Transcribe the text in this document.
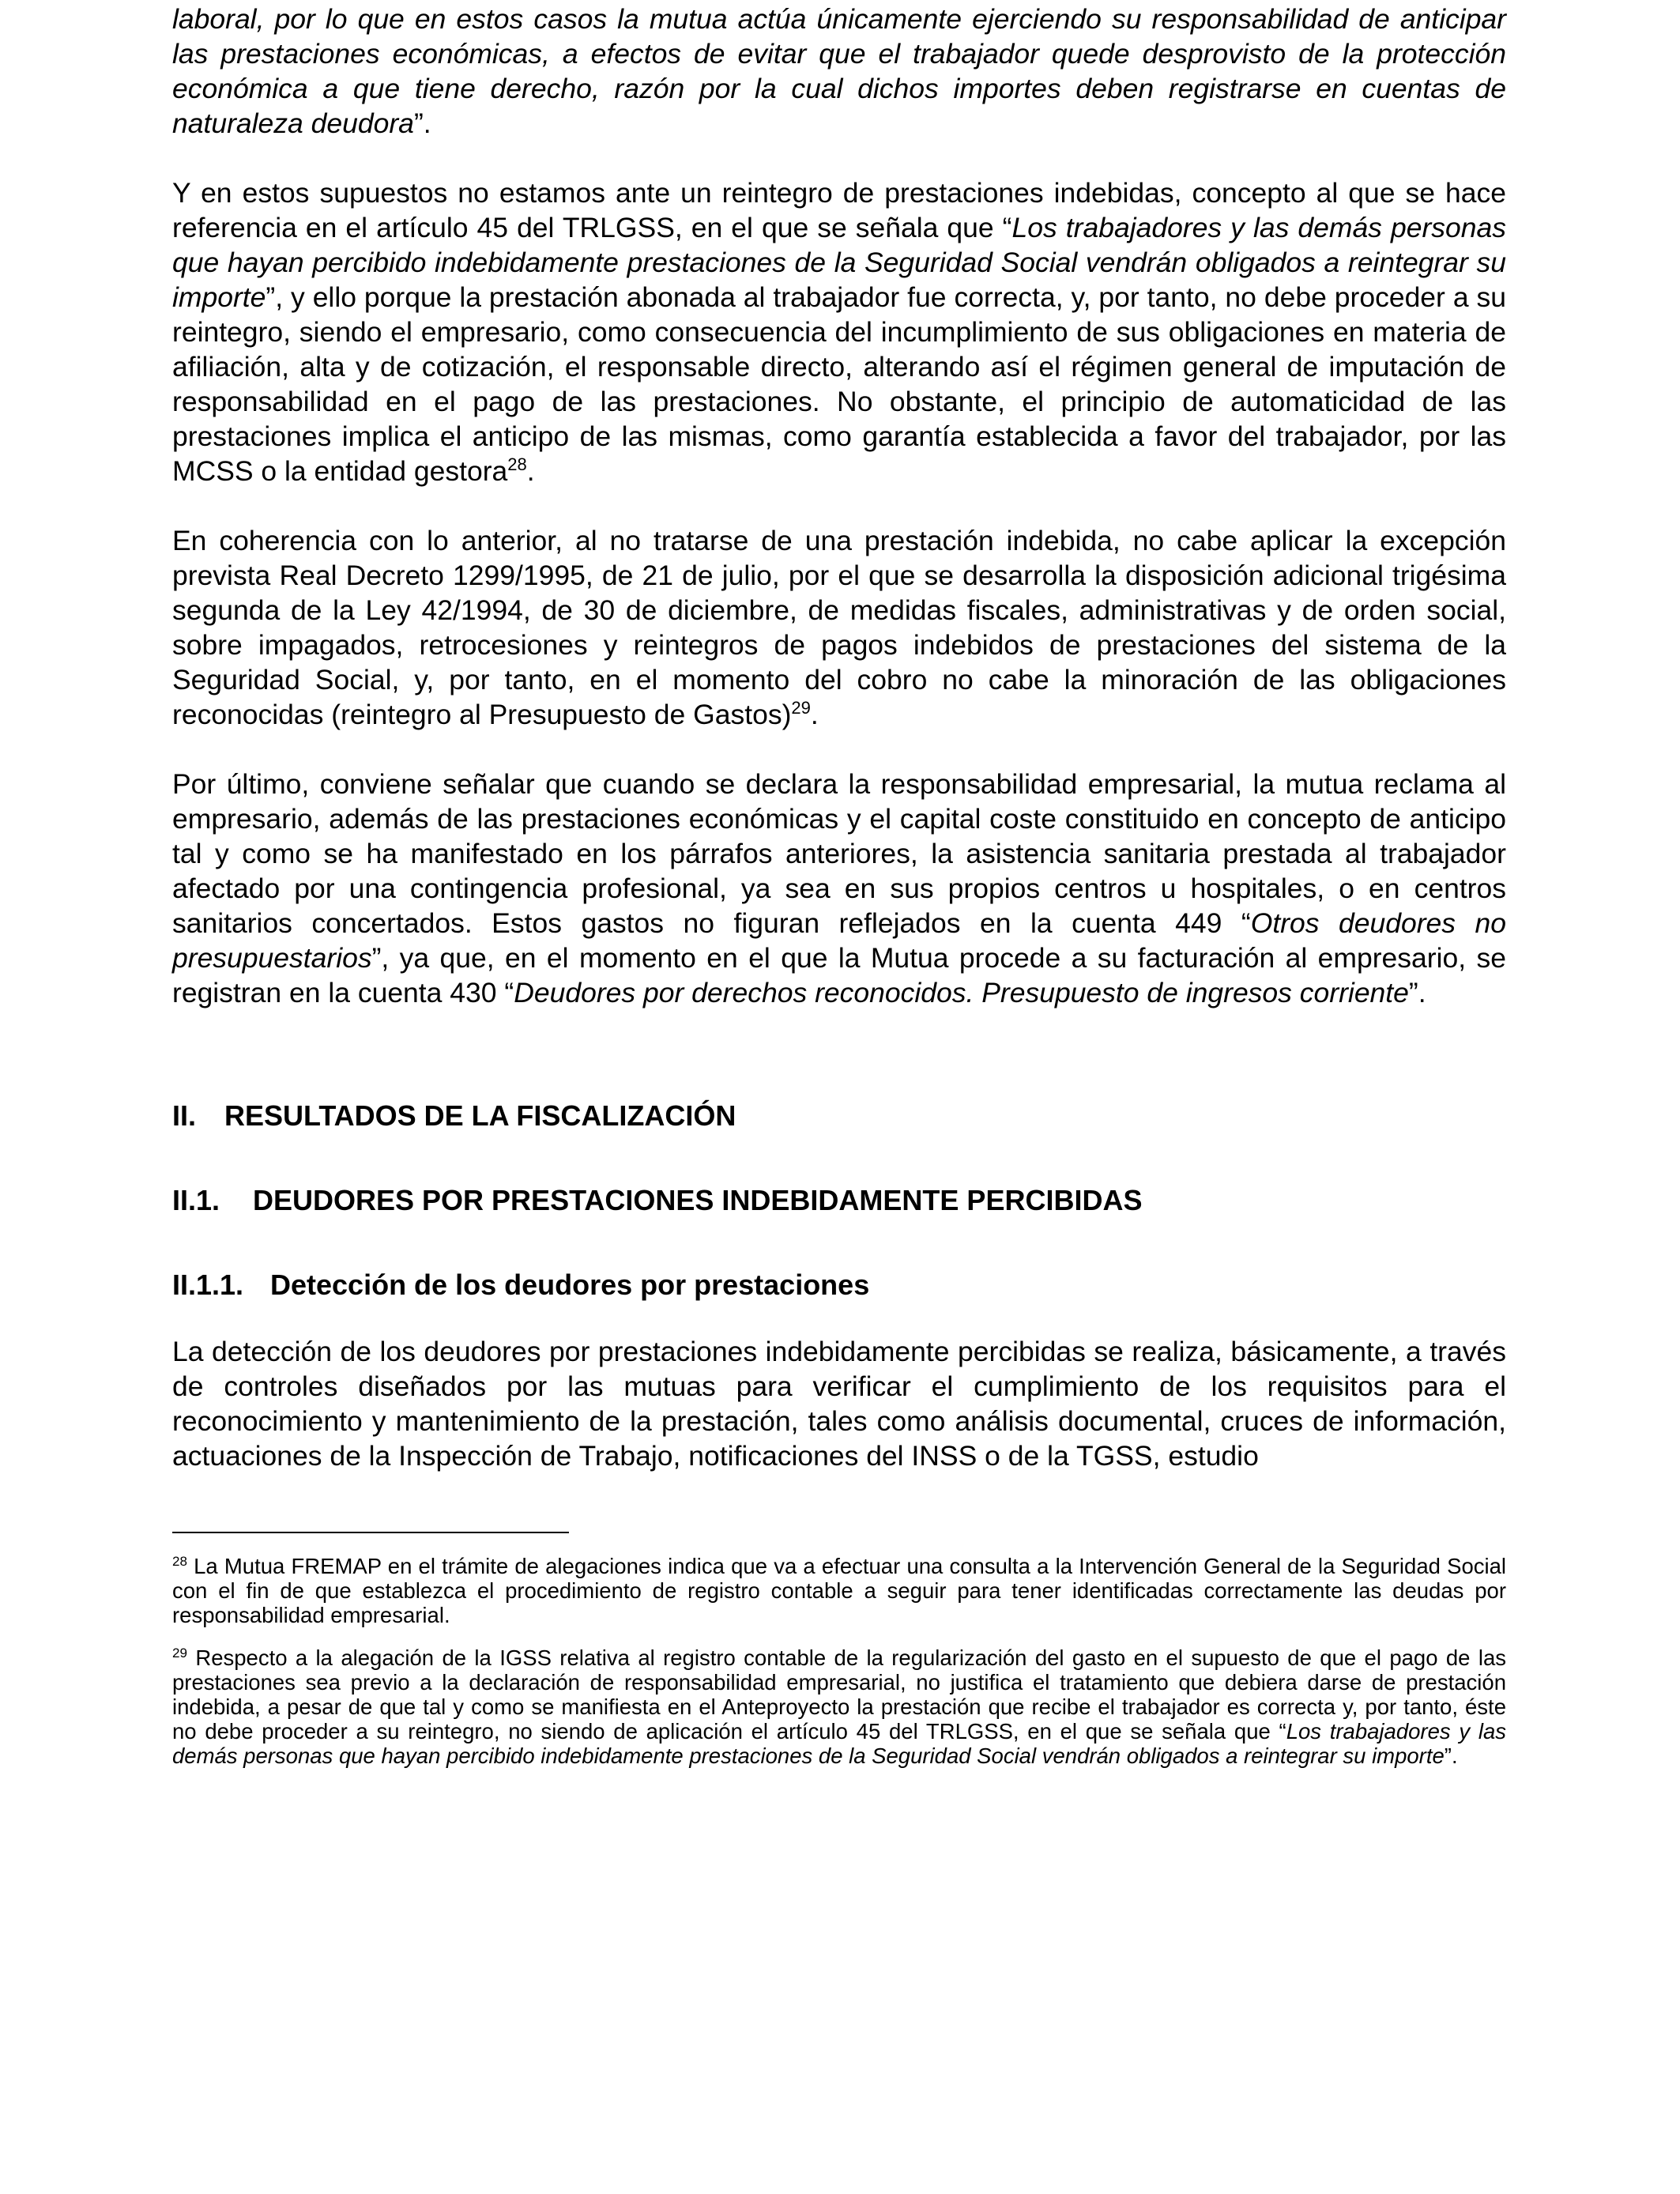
laboral, por lo que en estos casos la mutua actúa únicamente ejerciendo su responsabilidad de anticipar las prestaciones económicas, a efectos de evitar que el trabajador quede desprovisto de la protección económica a que tiene derecho, razón por la cual dichos importes deben registrarse en cuentas de naturaleza deudora”.

Y en estos supuestos no estamos ante un reintegro de prestaciones indebidas, concepto al que se hace referencia en el artículo 45 del TRLGSS, en el que se señala que “Los trabajadores y las demás personas que hayan percibido indebidamente prestaciones de la Seguridad Social vendrán obligados a reintegrar su importe”, y ello porque la prestación abonada al trabajador fue correcta, y, por tanto, no debe proceder a su reintegro, siendo el empresario, como consecuencia del incumplimiento de sus obligaciones en materia de afiliación, alta y de cotización, el responsable directo, alterando así el régimen general de imputación de responsabilidad en el pago de las prestaciones. No obstante, el principio de automaticidad de las prestaciones implica el anticipo de las mismas, como garantía establecida a favor del trabajador, por las MCSS o la entidad gestora$^{28}$.

En coherencia con lo anterior, al no tratarse de una prestación indebida, no cabe aplicar la excepción prevista Real Decreto 1299/1995, de 21 de julio, por el que se desarrolla la disposición adicional trigésima segunda de la Ley 42/1994, de 30 de diciembre, de medidas fiscales, administrativas y de orden social, sobre impagados, retrocesiones y reintegros de pagos indebidos de prestaciones del sistema de la Seguridad Social, y, por tanto, en el momento del cobro no cabe la minoración de las obligaciones reconocidas (reintegro al Presupuesto de Gastos)$^{29}$.

Por último, conviene señalar que cuando se declara la responsabilidad empresarial, la mutua reclama al empresario, además de las prestaciones económicas y el capital coste constituido en concepto de anticipo tal y como se ha manifestado en los párrafos anteriores, la asistencia sanitaria prestada al trabajador afectado por una contingencia profesional, ya sea en sus propios centros u hospitales, o en centros sanitarios concertados. Estos gastos no figuran reflejados en la cuenta 449 “Otros deudores no presupuestarios”, ya que, en el momento en el que la Mutua procede a su facturación al empresario, se registran en la cuenta 430 “Deudores por derechos reconocidos. Presupuesto de ingresos corriente”.

II. RESULTADOS DE LA FISCALIZACIÓN
II.1.	DEUDORES POR PRESTACIONES INDEBIDAMENTE PERCIBIDAS
II.1.1. Detección de los deudores por prestaciones

La detección de los deudores por prestaciones indebidamente percibidas se realiza, básicamente, a través de controles diseñados por las mutuas para verificar el cumplimiento de los requisitos para el reconocimiento y mantenimiento de la prestación, tales como análisis documental, cruces de información, actuaciones de la Inspección de Trabajo, notificaciones del INSS o de la TGSS, estudio

$^{28}$ La Mutua FREMAP en el trámite de alegaciones indica que va a efectuar una consulta a la Intervención General de la Seguridad Social con el fin de que establezca el procedimiento de registro contable a seguir para tener identificadas correctamente las deudas por responsabilidad empresarial.

$^{29}$ Respecto a la alegación de la IGSS relativa al registro contable de la regularización del gasto en el supuesto de que el pago de las prestaciones sea previo a la declaración de responsabilidad empresarial, no justifica el tratamiento que debiera darse de prestación indebida, a pesar de que tal y como se manifiesta en el Anteproyecto la prestación que recibe el trabajador es correcta y, por tanto, éste no debe proceder a su reintegro, no siendo de aplicación el artículo 45 del TRLGSS, en el que se señala que “Los trabajadores y las demás personas que hayan percibido indebidamente prestaciones de la Seguridad Social vendrán obligados a reintegrar su importe”.
